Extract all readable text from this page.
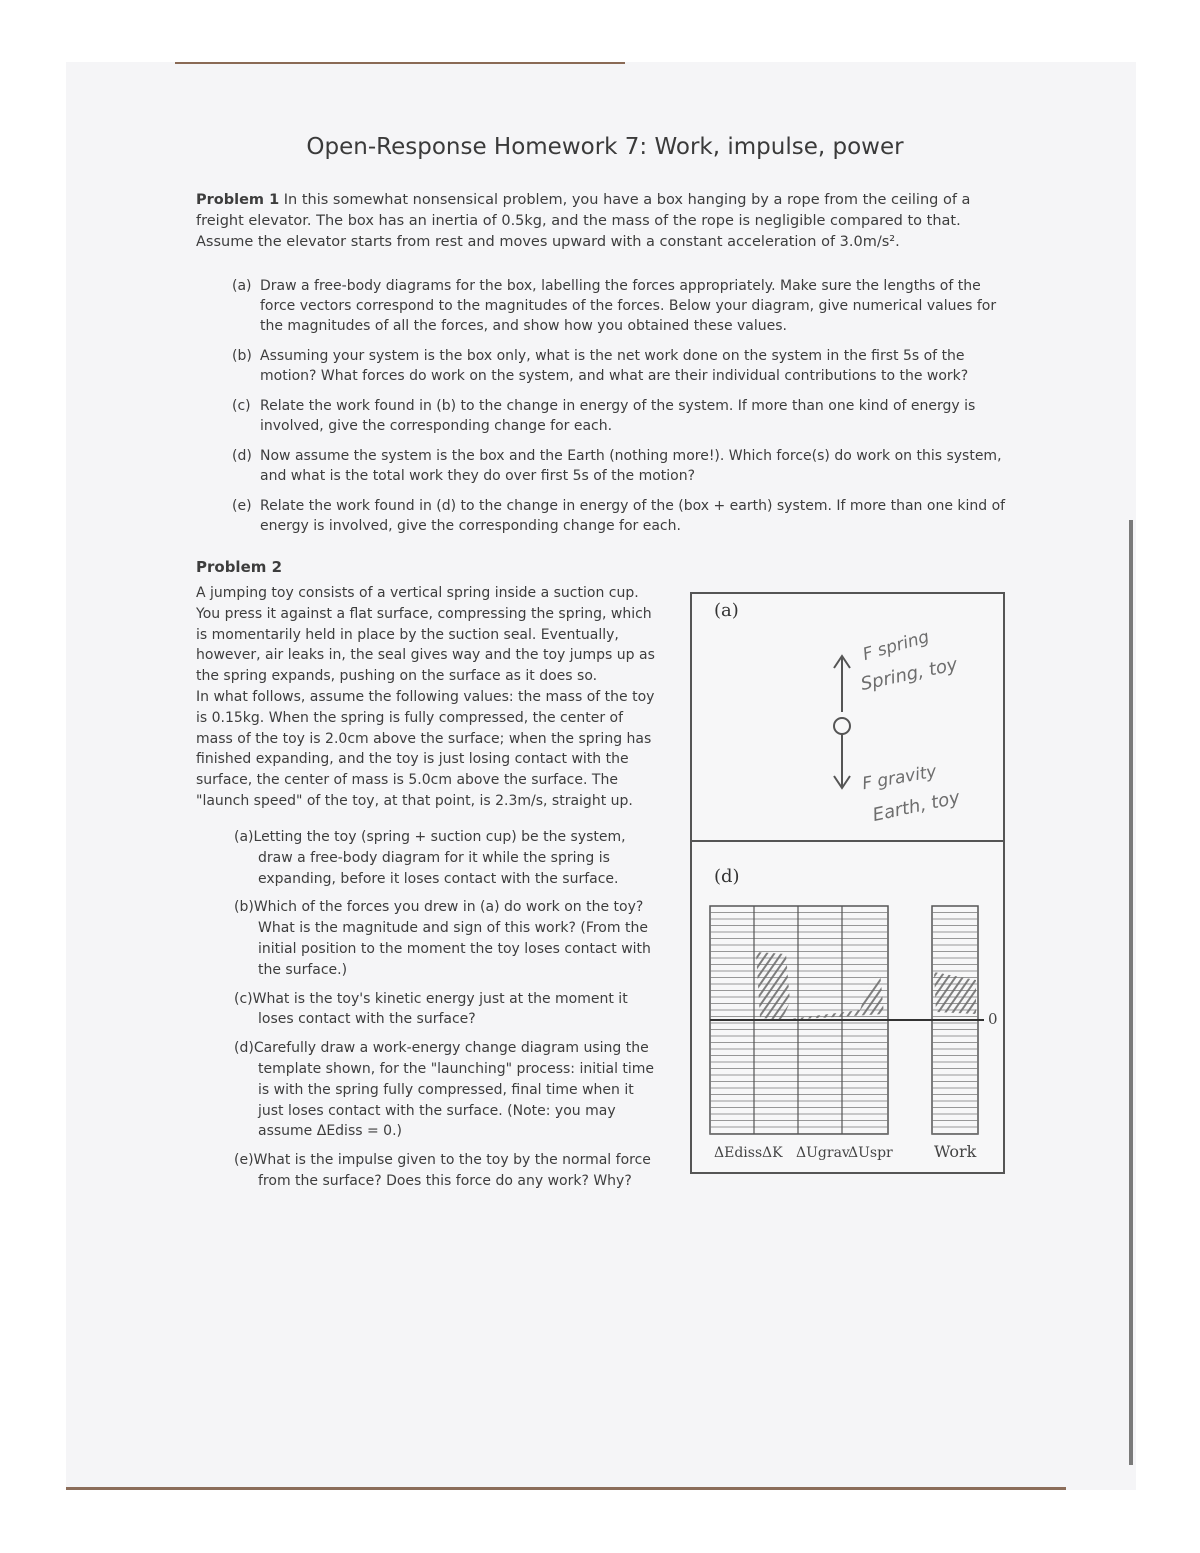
Open-Response Homework 7: Work, impulse, power
Problem 1 In this somewhat nonsensical problem, you have a box hanging by a rope from the ceiling of a freight elevator. The box has an inertia of 0.5kg, and the mass of the rope is negligible compared to that. Assume the elevator starts from rest and moves upward with a constant acceleration of 3.0m/s².
(a) Draw a free-body diagrams for the box, labelling the forces appropriately. Make sure the lengths of the force vectors correspond to the magnitudes of the forces. Below your diagram, give numerical values for the magnitudes of all the forces, and show how you obtained these values.
(b) Assuming your system is the box only, what is the net work done on the system in the first 5s of the motion? What forces do work on the system, and what are their individual contributions to the work?
(c) Relate the work found in (b) to the change in energy of the system. If more than one kind of energy is involved, give the corresponding change for each.
(d) Now assume the system is the box and the Earth (nothing more!). Which force(s) do work on this system, and what is the total work they do over first 5s of the motion?
(e) Relate the work found in (d) to the change in energy of the (box + earth) system. If more than one kind of energy is involved, give the corresponding change for each.
Problem 2
A jumping toy consists of a vertical spring inside a suction cup. You press it against a flat surface, compressing the spring, which is momentarily held in place by the suction seal. Eventually, however, air leaks in, the seal gives way and the toy jumps up as the spring expands, pushing on the surface as it does so.
In what follows, assume the following values: the mass of the toy is 0.15kg. When the spring is fully compressed, the center of mass of the toy is 2.0cm above the surface; when the spring has finished expanding, and the toy is just losing contact with the surface, the center of mass is 5.0cm above the surface. The "launch speed" of the toy, at that point, is 2.3m/s, straight up.
(a)Letting the toy (spring + suction cup) be the system, draw a free-body diagram for it while the spring is expanding, before it loses contact with the surface.
(b)Which of the forces you drew in (a) do work on the toy? What is the magnitude and sign of this work? (From the initial position to the moment the toy loses contact with the surface.)
(c)What is the toy's kinetic energy just at the moment it loses contact with the surface?
(d)Carefully draw a work-energy change diagram using the template shown, for the "launching" process: initial time is with the spring fully compressed, final time when it just loses contact with the surface. (Note: you may assume ΔEdiss = 0.)
(e)What is the impulse given to the toy by the normal force from the surface? Does this force do any work? Why?
(a)
(d)
F spring
Spring, toy
F gravity
Earth, toy
0
ΔEdiss ΔK ΔUgrav
ΔUspr	Work
